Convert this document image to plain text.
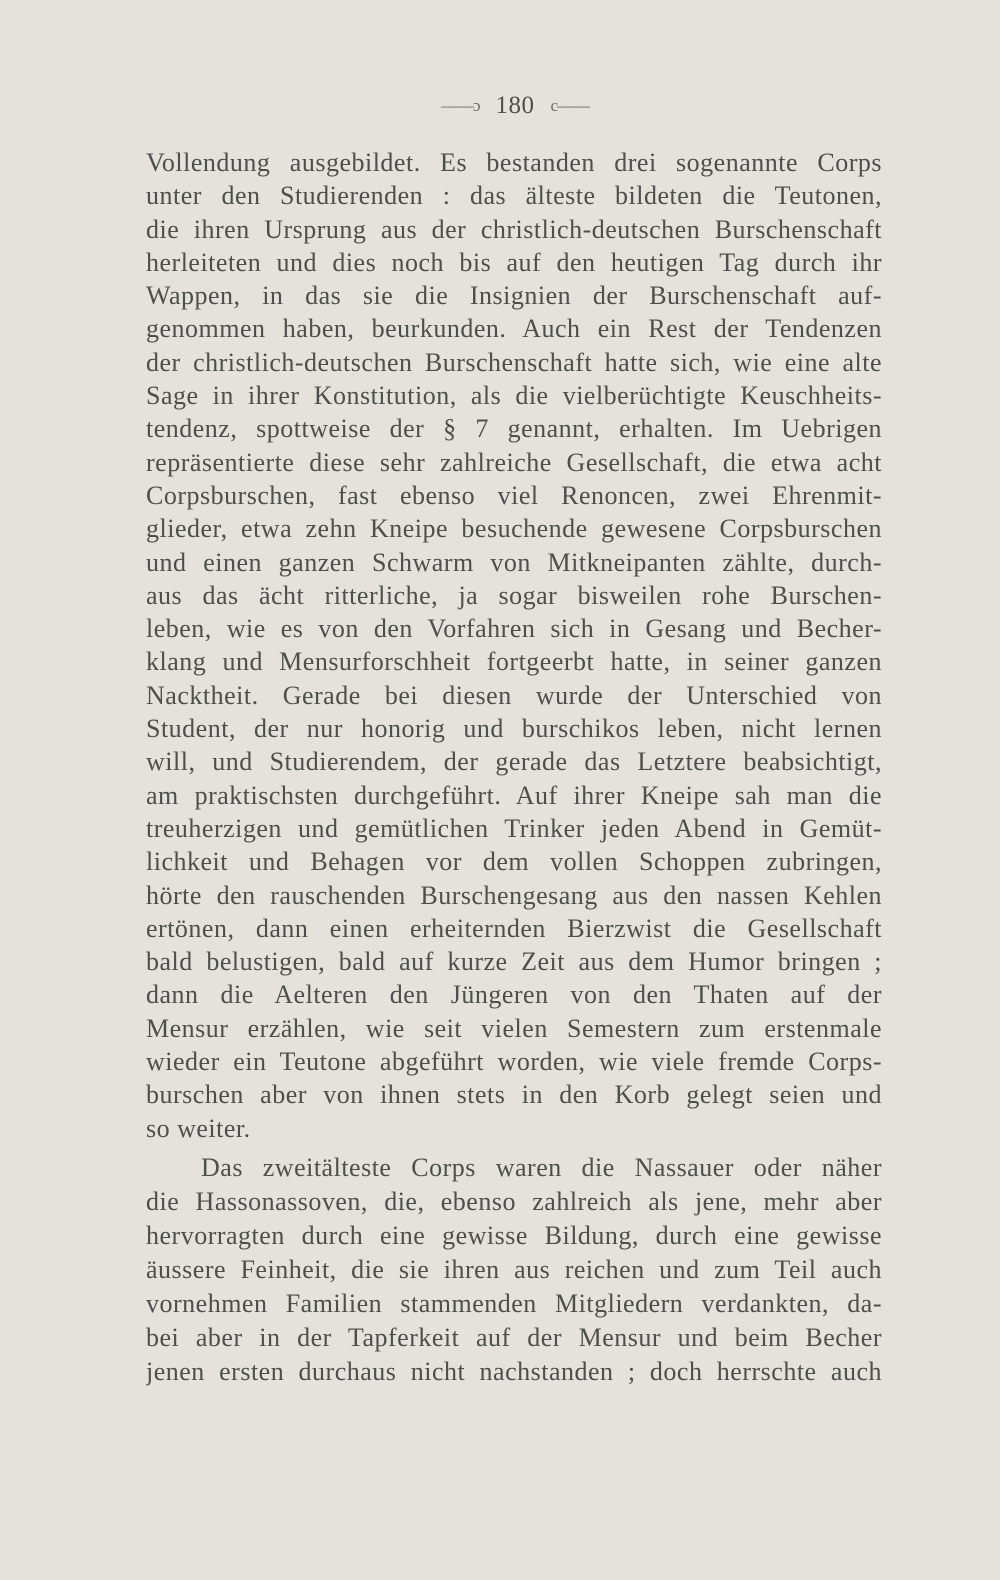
——ɔ 180 c——
Vollendung ausgebildet. Es bestanden drei sogenannte Corps
unter den Studierenden : das älteste bildeten die Teutonen,
die ihren Ursprung aus der christlich-deutschen Burschenschaft
herleiteten und dies noch bis auf den heutigen Tag durch ihr
Wappen, in das sie die Insignien der Burschenschaft auf-
genommen haben, beurkunden. Auch ein Rest der Tendenzen
der christlich-deutschen Burschenschaft hatte sich, wie eine alte
Sage in ihrer Konstitution, als die vielberüchtigte Keuschheits-
tendenz, spottweise der § 7 genannt, erhalten. Im Uebrigen
repräsentierte diese sehr zahlreiche Gesellschaft, die etwa acht
Corpsburschen, fast ebenso viel Renoncen, zwei Ehrenmit-
glieder, etwa zehn Kneipe besuchende gewesene Corpsburschen
und einen ganzen Schwarm von Mitkneipanten zählte, durch-
aus das ächt ritterliche, ja sogar bisweilen rohe Burschen-
leben, wie es von den Vorfahren sich in Gesang und Becher-
klang und Mensurforschheit fortgeerbt hatte, in seiner ganzen
Nacktheit. Gerade bei diesen wurde der Unterschied von
Student, der nur honorig und burschikos leben, nicht lernen
will, und Studierendem, der gerade das Letztere beabsichtigt,
am praktischsten durchgeführt. Auf ihrer Kneipe sah man die
treuherzigen und gemütlichen Trinker jeden Abend in Gemüt-
lichkeit und Behagen vor dem vollen Schoppen zubringen,
hörte den rauschenden Burschengesang aus den nassen Kehlen
ertönen, dann einen erheiternden Bierzwist die Gesellschaft
bald belustigen, bald auf kurze Zeit aus dem Humor bringen ;
dann die Aelteren den Jüngeren von den Thaten auf der
Mensur erzählen, wie seit vielen Semestern zum erstenmale
wieder ein Teutone abgeführt worden, wie viele fremde Corps-
burschen aber von ihnen stets in den Korb gelegt seien und
so weiter.
Das zweitälteste Corps waren die Nassauer oder näher
die Hassonassoven, die, ebenso zahlreich als jene, mehr aber
hervorragten durch eine gewisse Bildung, durch eine gewisse
äussere Feinheit, die sie ihren aus reichen und zum Teil auch
vornehmen Familien stammenden Mitgliedern verdankten, da-
bei aber in der Tapferkeit auf der Mensur und beim Becher
jenen ersten durchaus nicht nachstanden ; doch herrschte auch
